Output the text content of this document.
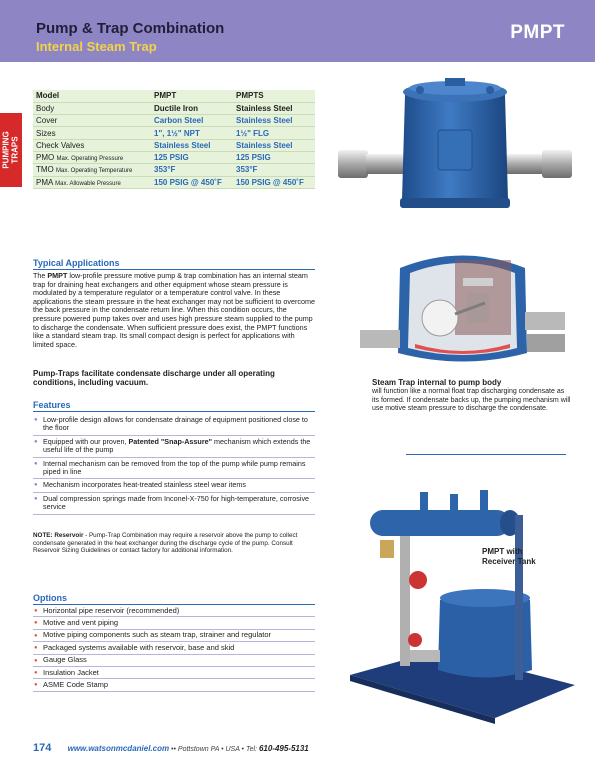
Pump & Trap Combination
Internal Steam Trap
PMPT
PUMPING
TRAPS
Model	PMPT	PMPTS
Body	Ductile Iron	Stainless Steel
Cover	Carbon Steel	Stainless Steel
Sizes	1", 1½" NPT	1½" FLG
Check Valves	Stainless Steel	Stainless Steel
PMO Max. Operating Pressure	125 PSIG	125 PSIG
TMO Max. Operating Temperature	353°F	353°F
PMA Max. Allowable Pressure	150 PSIG @ 450˚F	150 PSIG @ 450˚F
Typical Applications
The PMPT low-profile pressure motive pump & trap combination has an internal steam trap for draining heat exchangers and other equipment whose steam pressure is modulated by a temperature regulator or a temperature control valve. In these applications the steam pressure in the heat exchanger may not be sufficient to overcome the back pressure in the condensate return line. When this condition occurs, the pressure powered pump takes over and uses high pressure steam supplied to the pump to discharge the condensate. When sufficient pressure does exist, the PMPT functions like a standard steam trap. Its small compact design is perfect for applications with limited space.
Pump-Traps facilitate condensate discharge under all operating conditions, including vacuum.
Features
● Low-profile design allows for condensate drainage of equipment positioned close to the floor
● Equipped with our proven, Patented "Snap-Assure" mechanism which extends the useful life of the pump
● Internal mechanism can be removed from the top of the pump while pump remains piped in line
● Mechanism incorporates heat-treated stainless steel wear items
● Dual compression springs made from Inconel-X-750 for high-temperature, corrosive service
NOTE: Reservoir - Pump-Trap Combination may require a reservoir above the pump to collect condensate generated in the heat exchanger during the discharge cycle of the pump. Consult Reservoir Sizing Guidelines or contact factory for additional information.
Options
● Horizontal pipe reservoir (recommended)
● Motive and vent piping
● Motive piping components such as steam trap, strainer and regulator
● Packaged systems available with reservoir, base and skid
● Gauge Glass
● Insulation Jacket
● ASME Code Stamp
Steam Trap internal to pump body
will function like a normal float trap discharging condensate as its formed. If condensate backs up, the pumping mechanism will use motive steam pressure to discharge the condensate.
PMPT with
Receiver Tank
174 www.watsonmcdaniel.com •• Pottstown PA • USA • Tel: 610-495-5131
